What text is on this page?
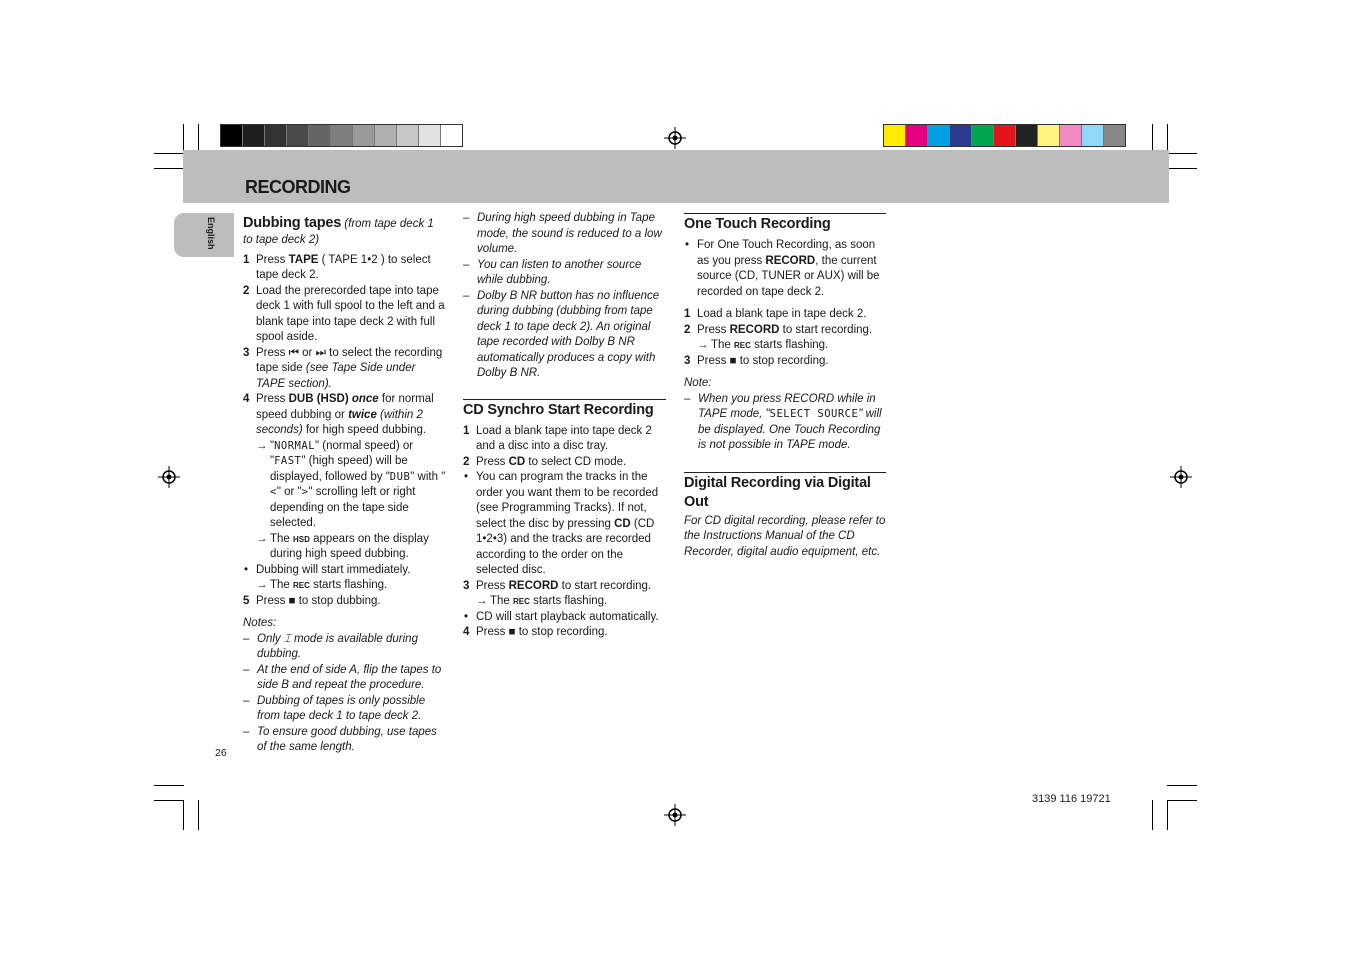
RECORDING
English Dubbing tapes (from tape deck 1 to tape deck 2)

1 Press TAPE ( TAPE 1•2 ) to select tape deck 2.
2 Load the prerecorded tape into tape deck 1 with full spool to the left and a blank tape into tape deck 2 with full spool aside.
3 Press ⏮ or ⏭ to select the recording tape side (see Tape Side under TAPE section).
4 Press DUB (HSD) once for normal speed dubbing or twice (within 2 seconds) for high speed dubbing.
→ "NORMAL" (normal speed) or "FAST" (high speed) will be displayed, followed by "DUB" with "<" or ">" scrolling left or right depending on the tape side selected.
→ The HSD appears on the display during high speed dubbing.
• Dubbing will start immediately.
→ The REC starts flashing.
5 Press ■ to stop dubbing.

Notes:

– Only ⌶ mode is available during dubbing.
– At the end of side A, flip the tapes to side B and repeat the procedure.
– Dubbing of tapes is only possible from tape deck 1 to tape deck 2.
– To ensure good dubbing, use tapes of the same length.
– During high speed dubbing in Tape mode, the sound is reduced to a low volume.
– You can listen to another source while dubbing.
– Dolby B NR button has no influence during dubbing (dubbing from tape deck 1 to tape deck 2). An original tape recorded with Dolby B NR automatically produces a copy with Dolby B NR.

CD Synchro Start Recording

1 Load a blank tape into tape deck 2 and a disc into a disc tray.
2 Press CD to select CD mode.
• You can program the tracks in the order you want them to be recorded (see Programming Tracks). If not, select the disc by pressing CD (CD 1•2•3) and the tracks are recorded according to the order on the selected disc.
3 Press RECORD to start recording.
→ The REC starts flashing.
• CD will start playback automatically.
4 Press ■ to stop recording.

One Touch Recording

• For One Touch Recording, as soon as you press RECORD, the current source (CD, TUNER or AUX) will be recorded on tape deck 2.
1 Load a blank tape in tape deck 2.
2 Press RECORD to start recording.
→ The REC starts flashing.
3 Press ■ to stop recording.

Note:

– When you press RECORD while in TAPE mode, "SELECT SOURCE" will be displayed. One Touch Recording is not possible in TAPE mode.

Digital Recording via Digital Out

For CD digital recording, please refer to the Instructions Manual of the CD Recorder, digital audio equipment, etc.

26
3139 116 19721
